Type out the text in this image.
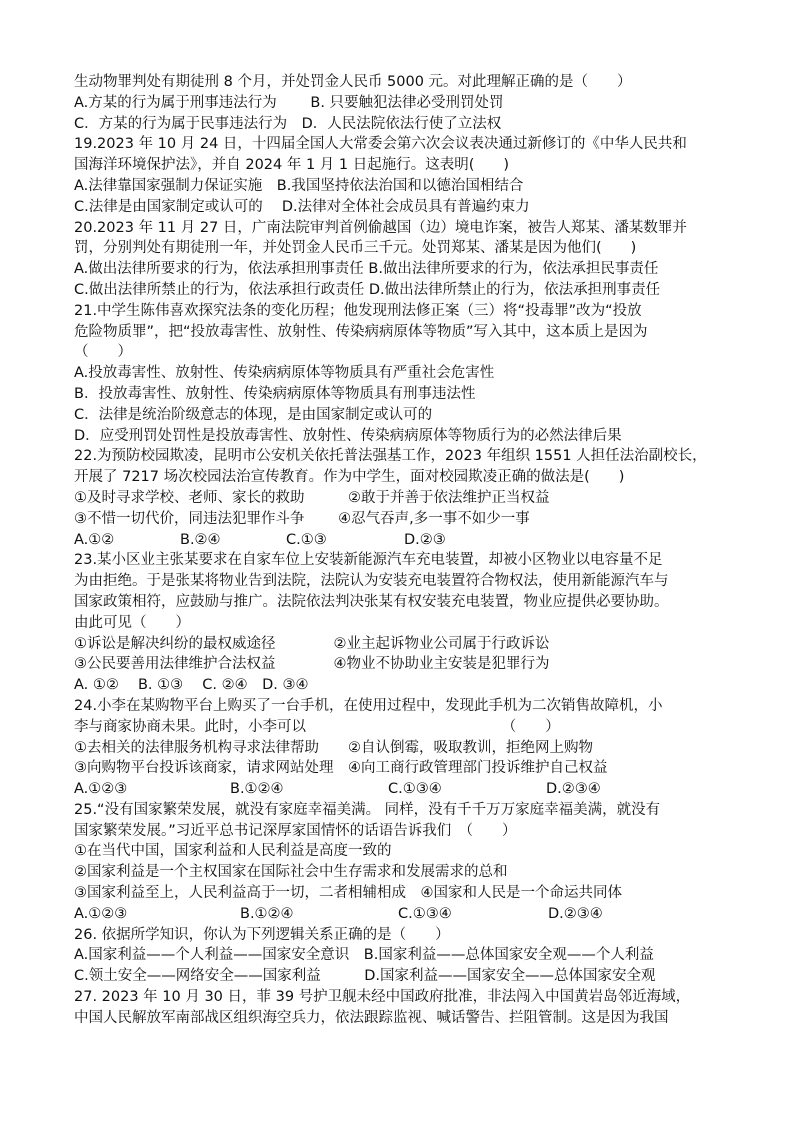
生动物罪判处有期徒刑 8 个月，并处罚金人民币 5000 元。对此理解正确的是（　　）
A.方某的行为属于刑事违法行为　　 B. 只要触犯法律必受刑罚处罚
C．方某的行为属于民事违法行为　D．人民法院依法行使了立法权
19.2023 年 10 月 24 日，十四届全国人大常委会第六次会议表决通过新修订的《中华人民共和
国海洋环境保护法》，并自 2024 年 1 月 1 日起施行。这表明(　　)
A.法律靠国家强制力保证实施　B.我国坚持依法治国和以德治国相结合
C.法律是由国家制定或认可的　 D.法律对全体社会成员具有普遍约束力
20.2023 年 11 月 27 日，广南法院审判首例偷越国（边）境电诈案，被告人郑某、潘某数罪并
罚，分别判处有期徒刑一年，并处罚金人民币三千元。处罚郑某、潘某是因为他们(　　)
A.做出法律所要求的行为，依法承担刑事责任 B.做出法律所要求的行为，依法承担民事责任
C.做出法律所禁止的行为，依法承担行政责任 D.做出法律所禁止的行为，依法承担刑事责任
21.中学生陈伟喜欢探究法条的变化历程；他发现刑法修正案（三）将“投毒罪”改为“投放
危险物质罪”，把“投放毒害性、放射性、传染病病原体等物质”写入其中，这本质上是因为
（　　）
A.投放毒害性、放射性、传染病病原体等物质具有严重社会危害性
B．投放毒害性、放射性、传染病病原体等物质具有刑事违法性
C．法律是统治阶级意志的体现，是由国家制定或认可的
D．应受刑罚处罚性是投放毒害性、放射性、传染病病原体等物质行为的必然法律后果
22.为预防校园欺凌，昆明市公安机关依托普法强基工作，2023 年组织 1551 人担任法治副校长，
开展了 7217 场次校园法治宣传教育。作为中学生，面对校园欺凌正确的做法是(　　)
①及时寻求学校、老师、家长的救助　　　②敢于并善于依法维护正当权益
③不惜一切代价，同违法犯罪作斗争　　 ④忍气吞声,多一事不如少一事
A.①②	B.②④	C.①③	D.②③
23.某小区业主张某要求在自家车位上安装新能源汽车充电装置，却被小区物业以电容量不足
为由拒绝。于是张某将物业告到法院，法院认为安装充电装置符合物权法，使用新能源汽车与
国家政策相符，应鼓励与推广。法院依法判决张某有权安装充电装置，物业应提供必要协助。
由此可见（　　）
①诉讼是解决纠纷的最权威途径　　　　②业主起诉物业公司属于行政诉讼
③公民要善用法律维护合法权益　　　　④物业不协助业主安装是犯罪行为
A. ①②　 B. ①③　 C. ②④　D. ③④
24.小李在某购物平台上购买了一台手机，在使用过程中，发现此手机为二次销售故障机，小
李与商家协商未果。此时，小李可以　　　　　　　　　　　　　　（　　）
①去相关的法律服务机构寻求法律帮助　　②自认倒霉，吸取教训，拒绝网上购物
③向购物平台投诉该商家，请求网站处理　④向工商行政管理部门投诉维护自己权益
A.①②③	B.①②④	C.①③④	D.②③④
25.“没有国家繁荣发展，就没有家庭幸福美满。 同样，没有千千万万家庭幸福美满，就没有
国家繁荣发展。”习近平总书记深厚家国情怀的话语告诉我们　（　　）
①在当代中国，国家利益和人民利益是高度一致的
②国家利益是一个主权国家在国际社会中生存需求和发展需求的总和
③国家利益至上，人民利益高于一切，二者相辅相成　④国家和人民是一个命运共同体
A.①②③	B.①②④	C.①③④	D.②③④
26. 依据所学知识，你认为下列逻辑关系正确的是（　　）
A.国家利益——个人利益——国家安全意识　B.国家利益——总体国家安全观——个人利益
C.领土安全——网络安全——国家利益　　　D.国家利益——国家安全——总体国家安全观
27. 2023 年 10 月 30 日，菲 39 号护卫舰未经中国政府批准，非法闯入中国黄岩岛邻近海域，
中国人民解放军南部战区组织海空兵力，依法跟踪监视、喊话警告、拦阻管制。这是因为我国
